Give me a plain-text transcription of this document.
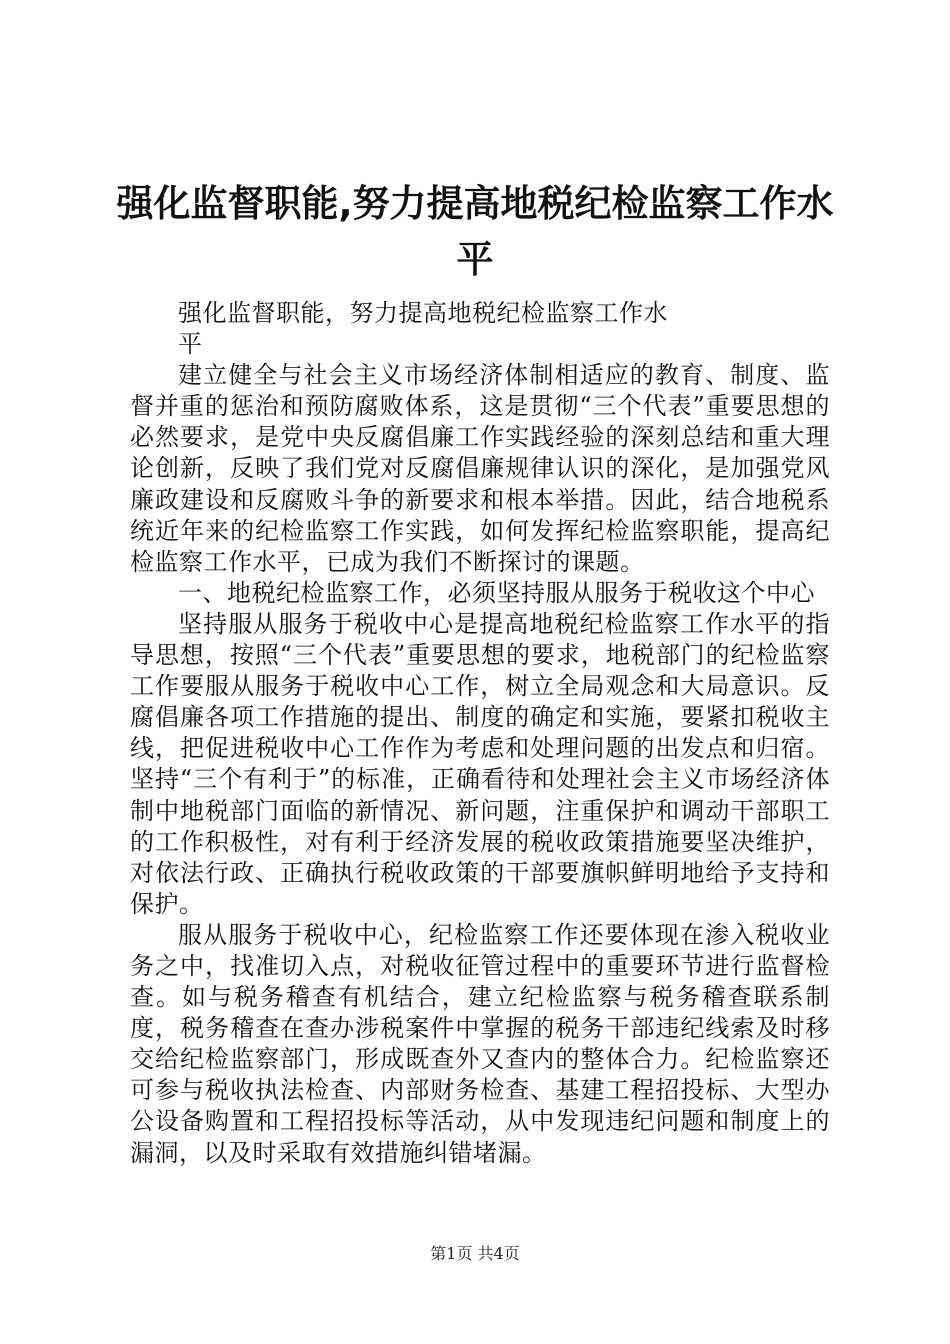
强化监督职能,努力提高地税纪检监察工作水平

强化监督职能，努力提高地税纪检监察工作水平

建立健全与社会主义市场经济体制相适应的教育、制度、监督并重的惩治和预防腐败体系，这是贯彻“三个代表”重要思想的必然要求，是党中央反腐倡廉工作实践经验的深刻总结和重大理论创新，反映了我们党对反腐倡廉规律认识的深化，是加强党风廉政建设和反腐败斗争的新要求和根本举措。因此，结合地税系统近年来的纪检监察工作实践，如何发挥纪检监察职能，提高纪检监察工作水平，已成为我们不断探讨的课题。

一、地税纪检监察工作，必须坚持服从服务于税收这个中心

坚持服从服务于税收中心是提高地税纪检监察工作水平的指导思想，按照“三个代表”重要思想的要求，地税部门的纪检监察工作要服从服务于税收中心工作，树立全局观念和大局意识。反腐倡廉各项工作措施的提出、制度的确定和实施，要紧扣税收主线，把促进税收中心工作作为考虑和处理问题的出发点和归宿。坚持“三个有利于”的标准，正确看待和处理社会主义市场经济体制中地税部门面临的新情况、新问题，注重保护和调动干部职工的工作积极性，对有利于经济发展的税收政策措施要坚决维护，对依法行政、正确执行税收政策的干部要旗帜鲜明地给予支持和保护。

服从服务于税收中心，纪检监察工作还要体现在渗入税收业务之中，找准切入点，对税收征管过程中的重要环节进行监督检查。如与税务稽查有机结合，建立纪检监察与税务稽查联系制度，税务稽查在查办涉税案件中掌握的税务干部违纪线索及时移交给纪检监察部门，形成既查外又查内的整体合力。纪检监察还可参与税收执法检查、内部财务检查、基建工程招投标、大型办公设备购置和工程招投标等活动，从中发现违纪问题和制度上的漏洞，以及时采取有效措施纠错堵漏。

第1页 共4页
